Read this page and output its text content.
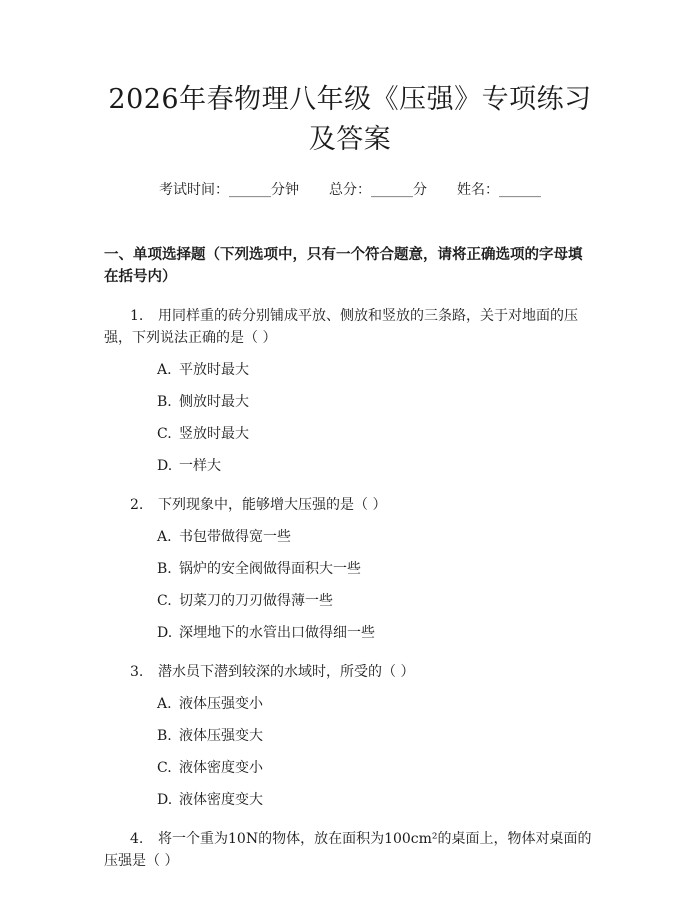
2026年春物理八年级《压强》专项练习及答案
考试时间：______分钟 总分：______分 姓名：______
一、单项选择题（下列选项中，只有一个符合题意，请将正确选项的字母填在括号内）
1. 用同样重的砖分别铺成平放、侧放和竖放的三条路，关于对地面的压强，下列说法正确的是（ ）
A. 平放时最大
B. 侧放时最大
C. 竖放时最大
D. 一样大
2. 下列现象中，能够增大压强的是（ ）
A. 书包带做得宽一些
B. 锅炉的安全阀做得面积大一些
C. 切菜刀的刀刃做得薄一些
D. 深埋地下的水管出口做得细一些
3. 潜水员下潜到较深的水域时，所受的（ ）
A. 液体压强变小
B. 液体压强变大
C. 液体密度变小
D. 液体密度变大
4. 将一个重为10N的物体，放在面积为100cm²的桌面上，物体对桌面的压强是（ ）
